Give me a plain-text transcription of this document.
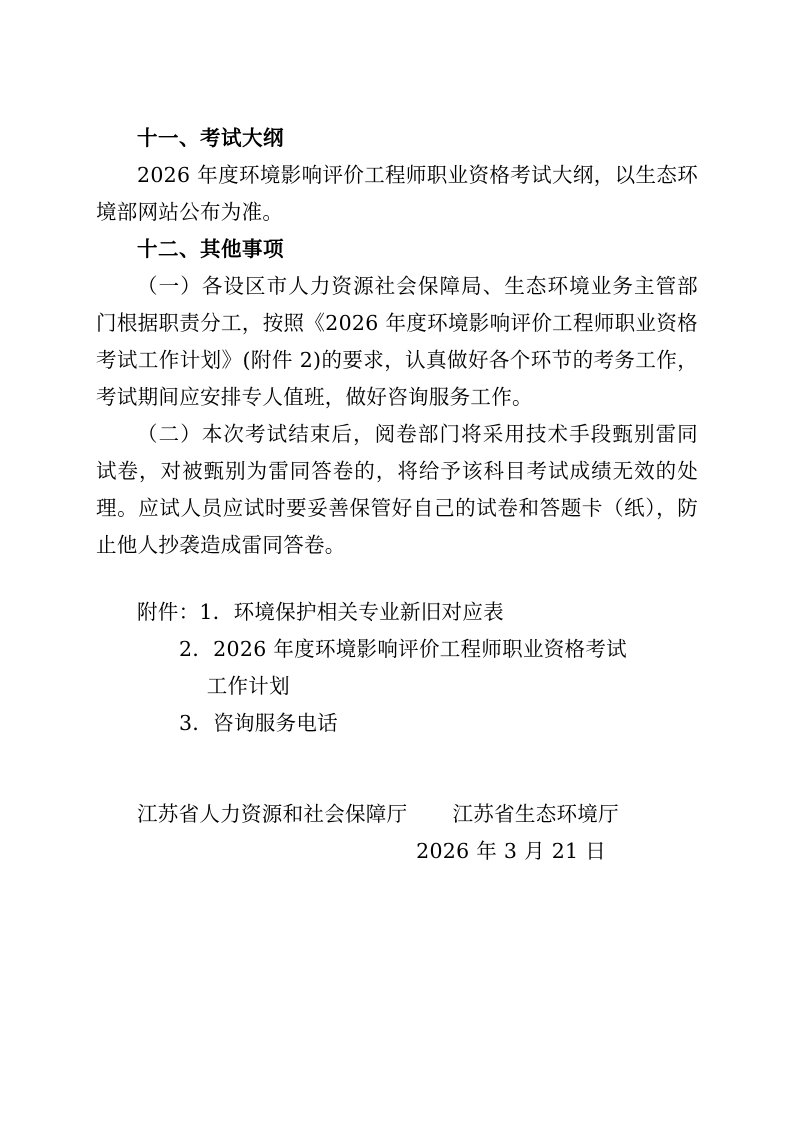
十一、考试大纲

2026 年度环境影响评价工程师职业资格考试大纲，以生态环境部网站公布为准。

十二、其他事项

（一）各设区市人力资源社会保障局、生态环境业务主管部门根据职责分工，按照《2026 年度环境影响评价工程师职业资格考试工作计划》(附件 2)的要求，认真做好各个环节的考务工作，考试期间应安排专人值班，做好咨询服务工作。

（二）本次考试结束后，阅卷部门将采用技术手段甄别雷同试卷，对被甄别为雷同答卷的，将给予该科目考试成绩无效的处理。应试人员应试时要妥善保管好自己的试卷和答题卡（纸），防止他人抄袭造成雷同答卷。

附件：1．环境保护相关专业新旧对应表
2．2026 年度环境影响评价工程师职业资格考试
工作计划
3．咨询服务电话
江苏省人力资源和社会保障厅 江苏省生态环境厅
2026 年 3 月 21 日
